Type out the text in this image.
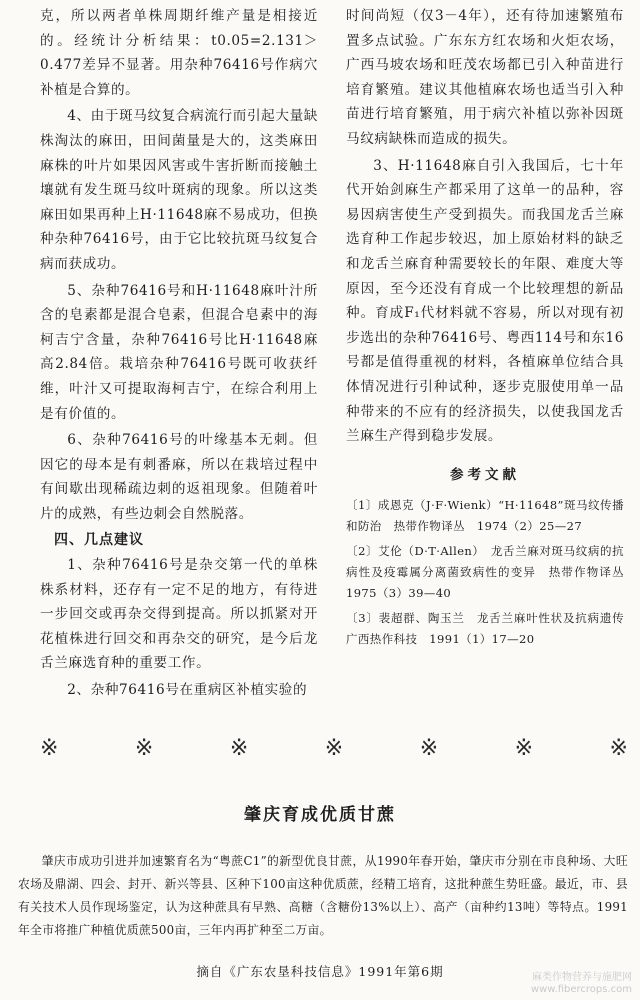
克，所以两者单株周期纤维产量是相接近的。经统计分析结果：t0.05=2.131＞0.477差异不显著。用杂种76416号作病穴补植是合算的。

4、由于斑马纹复合病流行而引起大量缺株淘汰的麻田，田间菌量是大的，这类麻田麻株的叶片如果因风害或牛害折断而接触土壤就有发生斑马纹叶斑病的现象。所以这类麻田如果再种上H·11648麻不易成功，但换种杂种76416号，由于它比较抗斑马纹复合病而获成功。

5、杂种76416号和H·11648麻叶汁所含的皂素都是混合皂素，但混合皂素中的海柯吉宁含量，杂种76416号比H·11648麻高2.84倍。栽培杂种76416号既可收获纤维，叶汁又可提取海柯吉宁，在综合利用上是有价值的。

6、杂种76416号的叶缘基本无刺。但因它的母本是有刺番麻，所以在栽培过程中有间歇出现稀疏边刺的返祖现象。但随着叶片的成熟，有些边刺会自然脱落。

四、几点建议

1、杂种76416号是杂交第一代的单株株系材料，还存有一定不足的地方，有待进一步回交或再杂交得到提高。所以抓紧对开花植株进行回交和再杂交的研究，是今后龙舌兰麻选育种的重要工作。

2、杂种76416号在重病区补植实验的

时间尚短（仅3－4年），还有待加速繁殖布置多点试验。广东东方红农场和火炬农场，广西马坡农场和旺茂农场都已引入种苗进行培育繁殖。建议其他植麻农场也适当引入种苗进行培育繁殖，用于病穴补植以弥补因斑马纹病缺株而造成的损失。

3、H·11648麻自引入我国后，七十年代开始剑麻生产都采用了这单一的品种，容易因病害使生产受到损失。而我国龙舌兰麻选育种工作起步较迟，加上原始材料的缺乏和龙舌兰麻育种需要较长的年限、难度大等原因，至今还没有育成一个比较理想的新品种。育成F₁代材料就不容易，所以对现有初步选出的杂种76416号、粤西114号和东16号都是值得重视的材料，各植麻单位结合具体情况进行引种试种，逐步克服使用单一品种带来的不应有的经济损失，以使我国龙舌兰麻生产得到稳步发展。

参考文献

〔1〕成恩克（J·F·Wienk）“H·11648”斑马纹传播和防治　热带作物译丛　1974（2）25—27

〔2〕艾伦（D·T·Allen）　龙舌兰麻对斑马纹病的抗病性及疫霉属分离菌致病性的变异　热带作物译丛　1975（3）39—40

〔3〕裴超群、陶玉兰　龙舌兰麻叶性状及抗病遗传　广西热作科技　1991（1）17—20

※	※	※	※	※	※	※
肇庆育成优质甘蔗

肇庆市成功引进并加速繁育名为“粤蔗C1”的新型优良甘蔗，从1990年春开始，肇庆市分别在市良种场、大旺农场及鼎湖、四会、封开、新兴等县、区种下100亩这种优质蔗，经精工培育，这批种蔗生势旺盛。最近，市、县有关技术人员作现场鉴定，认为这种蔗具有早熟、高糖（含糖份13%以上）、高产（亩种约13吨）等特点。1991年全市将推广种植优质蔗500亩，三年内再扩种至二万亩。

摘自《广东农垦科技信息》1991年第6期	麻类作物营养与施肥网
www.fibercrops.com
